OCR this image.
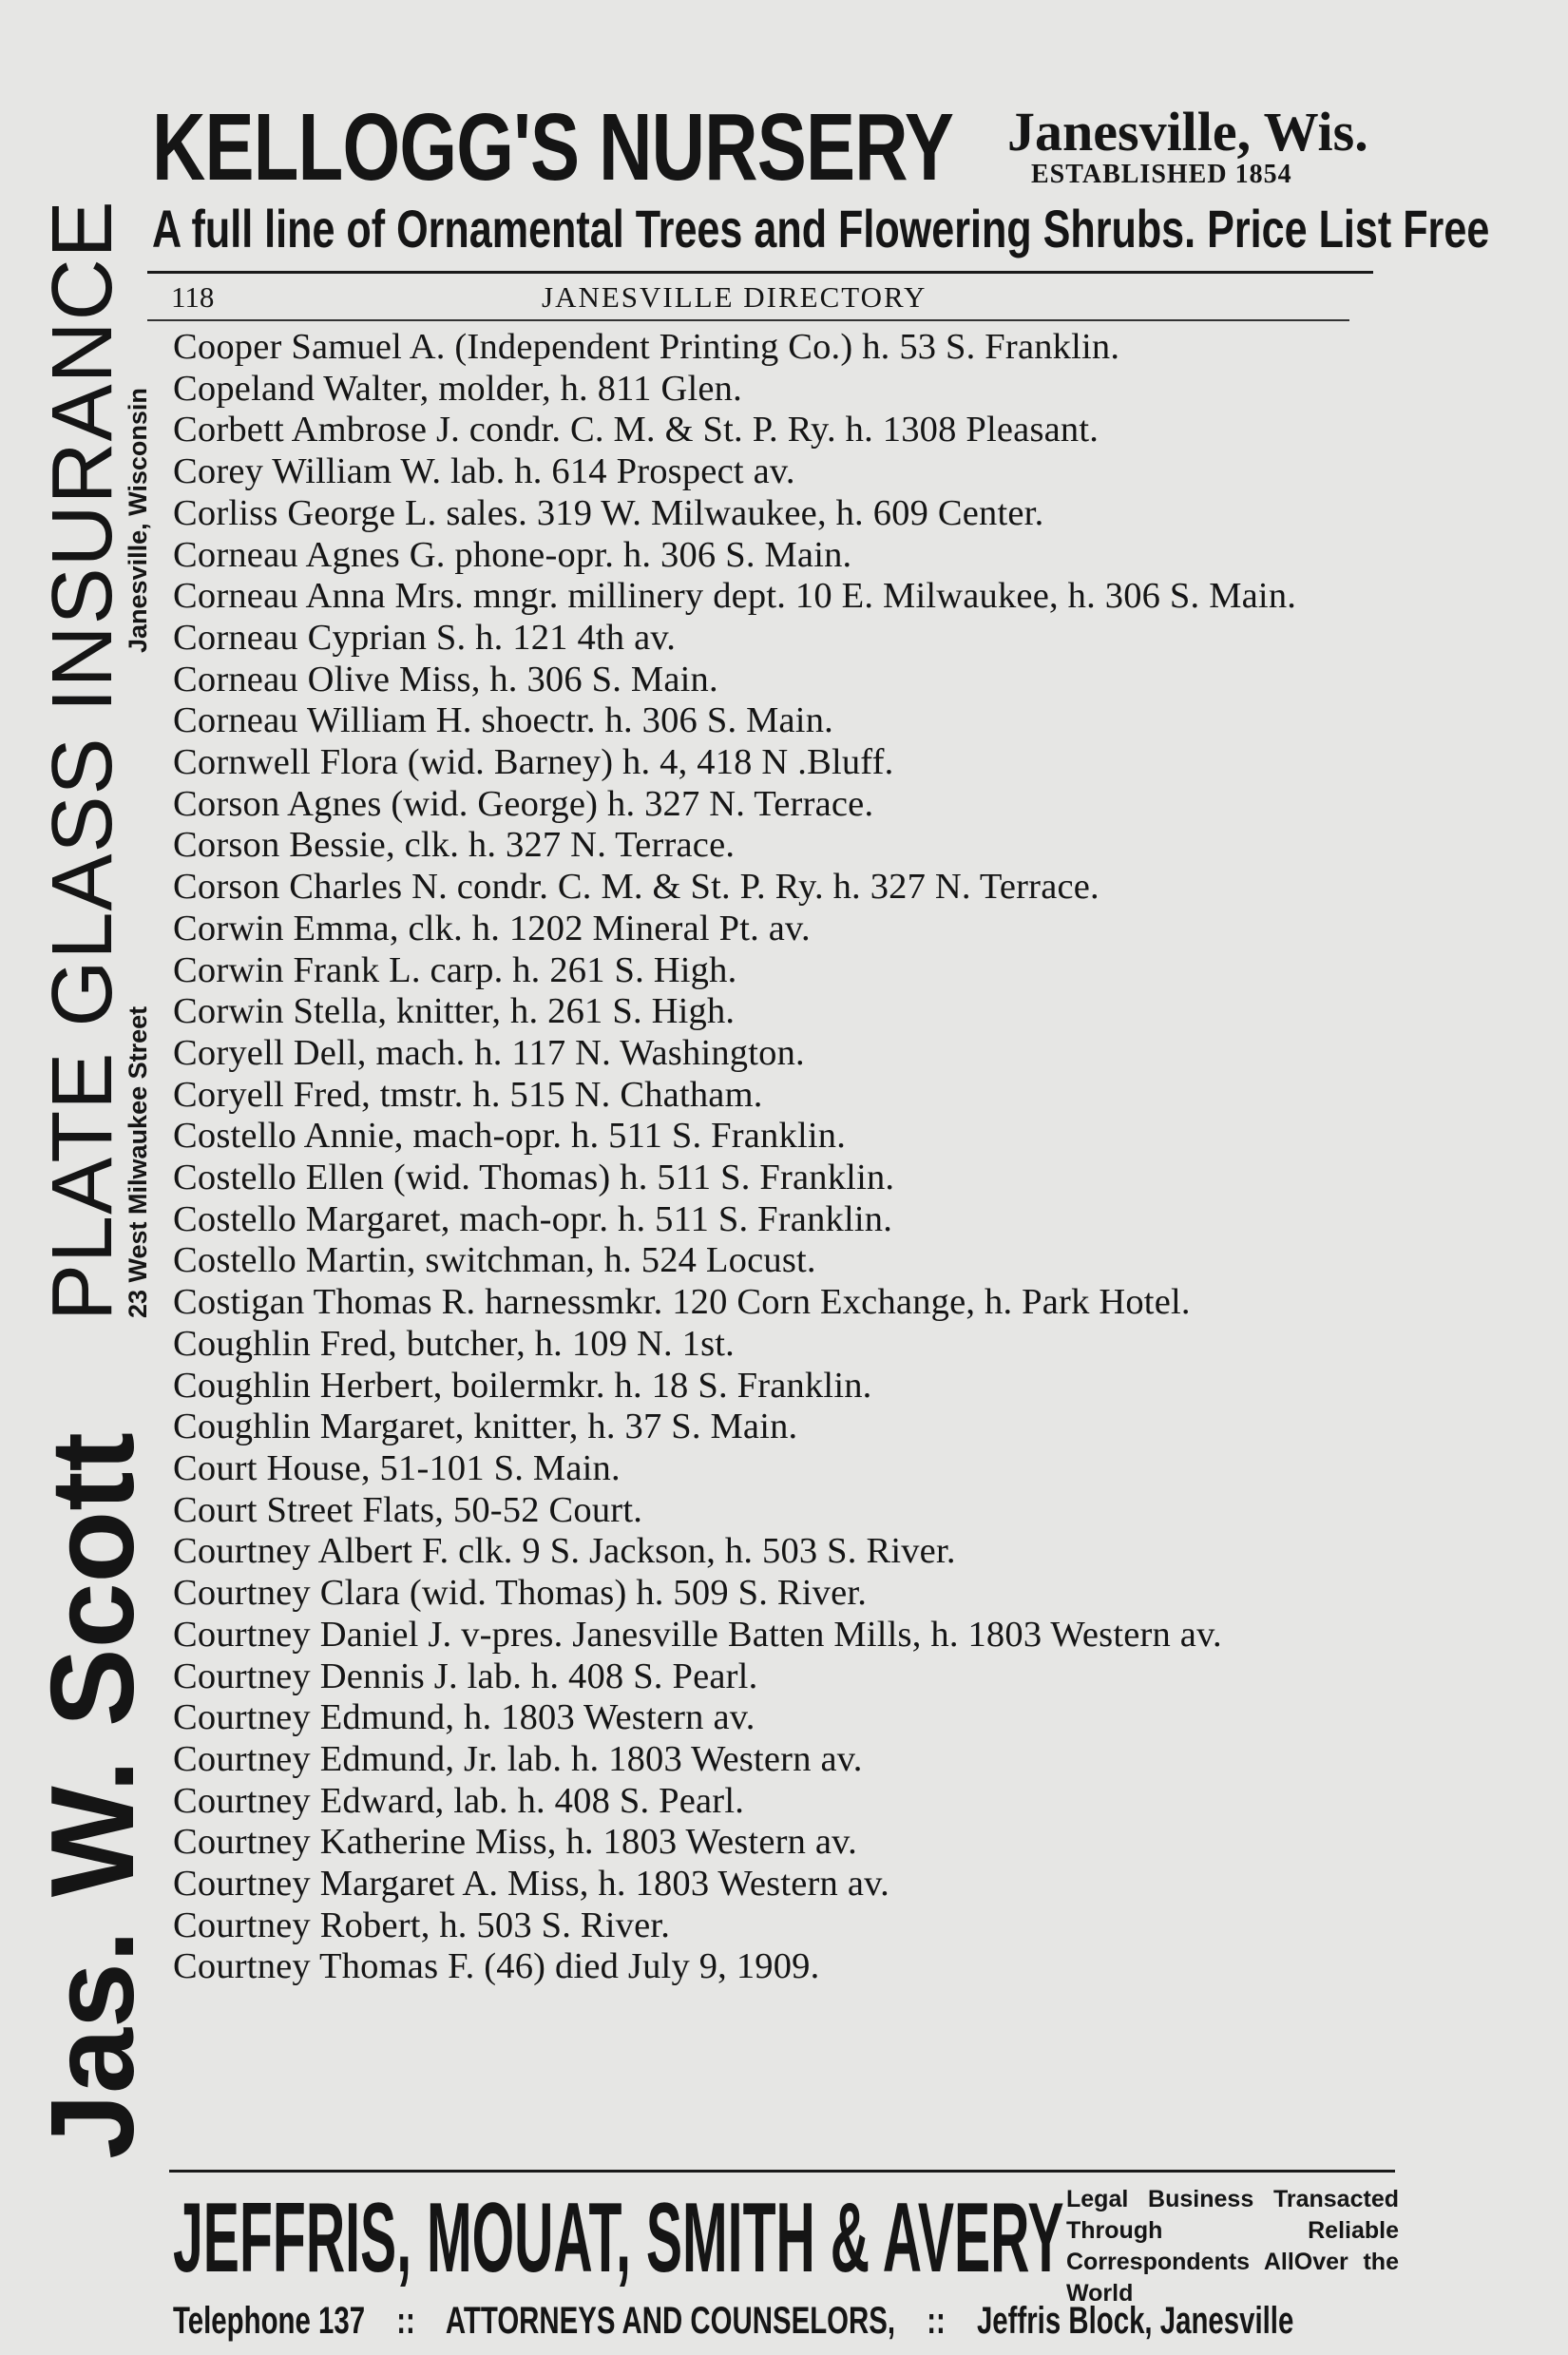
KELLOGG'S NURSERY Janesville, Wis.
ESTABLISHED 1854
A full line of Ornamental Trees and Flowering Shrubs. Price List Free
118	JANESVILLE DIRECTORY
Cooper Samuel A. (Independent Printing Co.) h. 53 S. Franklin.
Copeland Walter, molder, h. 811 Glen.
Corbett Ambrose J. condr. C. M. & St. P. Ry. h. 1308 Pleasant.
Corey William W. lab. h. 614 Prospect av.
Corliss George L. sales. 319 W. Milwaukee, h. 609 Center.
Corneau Agnes G. phone-opr. h. 306 S. Main.
Corneau Anna Mrs. mngr. millinery dept. 10 E. Milwaukee, h. 306 S. Main.
Corneau Cyprian S. h. 121 4th av.
Corneau Olive Miss, h. 306 S. Main.
Corneau William H. shoectr. h. 306 S. Main.
Cornwell Flora (wid. Barney) h. 4, 418 N .Bluff.
Corson Agnes (wid. George) h. 327 N. Terrace.
Corson Bessie, clk. h. 327 N. Terrace.
Corson Charles N. condr. C. M. & St. P. Ry. h. 327 N. Terrace.
Corwin Emma, clk. h. 1202 Mineral Pt. av.
Corwin Frank L. carp. h. 261 S. High.
Corwin Stella, knitter, h. 261 S. High.
Coryell Dell, mach. h. 117 N. Washington.
Coryell Fred, tmstr. h. 515 N. Chatham.
Costello Annie, mach-opr. h. 511 S. Franklin.
Costello Ellen (wid. Thomas) h. 511 S. Franklin.
Costello Margaret, mach-opr. h. 511 S. Franklin.
Costello Martin, switchman, h. 524 Locust.
Costigan Thomas R. harnessmkr. 120 Corn Exchange, h. Park Hotel.
Coughlin Fred, butcher, h. 109 N. 1st.
Coughlin Herbert, boilermkr. h. 18 S. Franklin.
Coughlin Margaret, knitter, h. 37 S. Main.
Court House, 51-101 S. Main.
Court Street Flats, 50-52 Court.
Courtney Albert F. clk. 9 S. Jackson, h. 503 S. River.
Courtney Clara (wid. Thomas) h. 509 S. River.
Courtney Daniel J. v-pres. Janesville Batten Mills, h. 1803 Western av.
Courtney Dennis J. lab. h. 408 S. Pearl.
Courtney Edmund, h. 1803 Western av.
Courtney Edmund, Jr. lab. h. 1803 Western av.
Courtney Edward, lab. h. 408 S. Pearl.
Courtney Katherine Miss, h. 1803 Western av.
Courtney Margaret A. Miss, h. 1803 Western av.
Courtney Robert, h. 503 S. River.
Courtney Thomas F. (46) died July 9, 1909.
Jas. W. Scott
PLATE GLASS INSURANCE
23 West Milwaukee Street
Janesville, Wisconsin
JEFFRIS, MOUAT, SMITH & AVERY Legal Business Transacted Through Reliable Correspondents AllOver the World
Telephone 137 :: ATTORNEYS AND COUNSELORS, :: Jeffris Block, Janesville
